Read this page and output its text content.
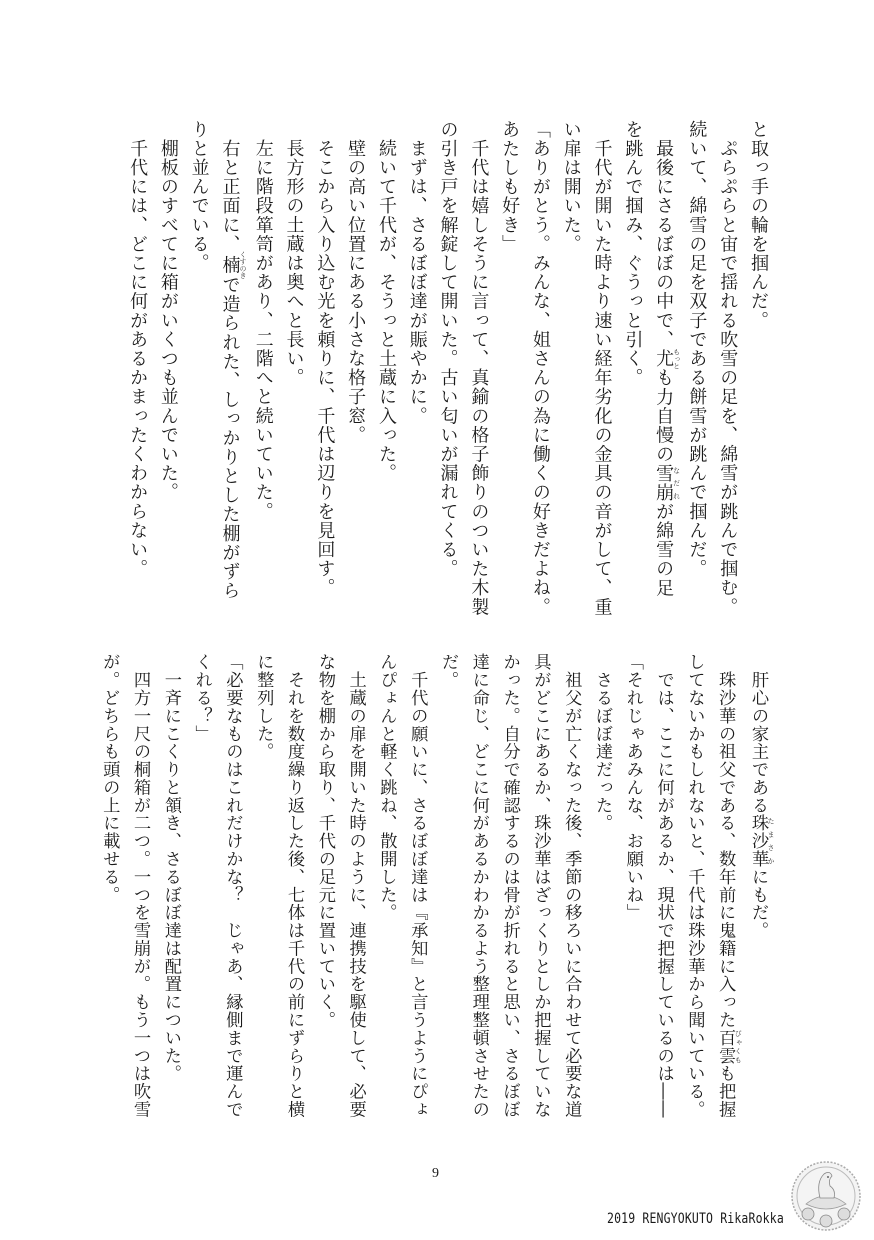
と取っ手の輪を掴んだ。
　ぷらぷらと宙で揺れる吹雪の足を、綿雪が跳んで掴む。
続いて、綿雪の足を双子である餅雪が跳んで掴んだ。
　最後にさるぼぼの中で、尤もっとも力自慢の雪崩なだれが綿雪の足
を跳んで掴み、ぐうっと引く。
　千代が開いた時より速い経年劣化の金具の音がして、重
い扉は開いた。
「ありがとう。みんな、姐さんの為に働くの好きだよね。
あたしも好き」
　千代は嬉しそうに言って、真鍮の格子飾りのついた木製
の引き戸を解錠して開いた。古い匂いが漏れてくる。
　まずは、さるぼぼ達が賑やかに。
　続いて千代が、そうっと土蔵に入った。
　壁の高い位置にある小さな格子窓。
　そこから入り込む光を頼りに、千代は辺りを見回す。
　長方形の土蔵は奥へと長い。
　左に階段箪笥があり、二階へと続いていた。
　右と正面に、楠くすのきで造られた、しっかりとした棚がずら
りと並んでいる。
　棚板のすべてに箱がいくつも並んでいた。
　千代には、どこに何があるかまったくわからない。
　肝心の家主である珠沙華 たまさかにもだ。
　珠沙華の祖父である、数年前に鬼籍に入った百雲 びゃくもも把握
してないかもしれないと、千代は珠沙華から聞いている。
　では、ここに何があるか、現状で把握しているのは――
「それじゃあみんな、お願いね」
　さるぼぼ達だった。
　祖父が亡くなった後、季節の移ろいに合わせて必要な道
具がどこにあるか、珠沙華はざっくりとしか把握していな
かった。自分で確認するのは骨が折れると思い、さるぼぼ
達に命じ、どこに何があるかわかるよう整理整頓させたの
だ。
　千代の願いに、さるぼぼ達は『承知』と言うようにぴょ
んぴょんと軽く跳ね、散開した。
　土蔵の扉を開いた時のように、連携技を駆使して、必要
な物を棚から取り、千代の足元に置いていく。
　それを数度繰り返した後、七体は千代の前にずらりと横
に整列した。
「必要なものはこれだけかな？　じゃあ、縁側まで運んで
くれる？」
　一斉にこくりと頷き、さるぼぼ達は配置についた。
　四方一尺の桐箱が二つ。一つを雪崩が。もう一つは吹雪
が。どちらも頭の上に載せる。
9
2019 RENGYOKUTO RikaRokka
